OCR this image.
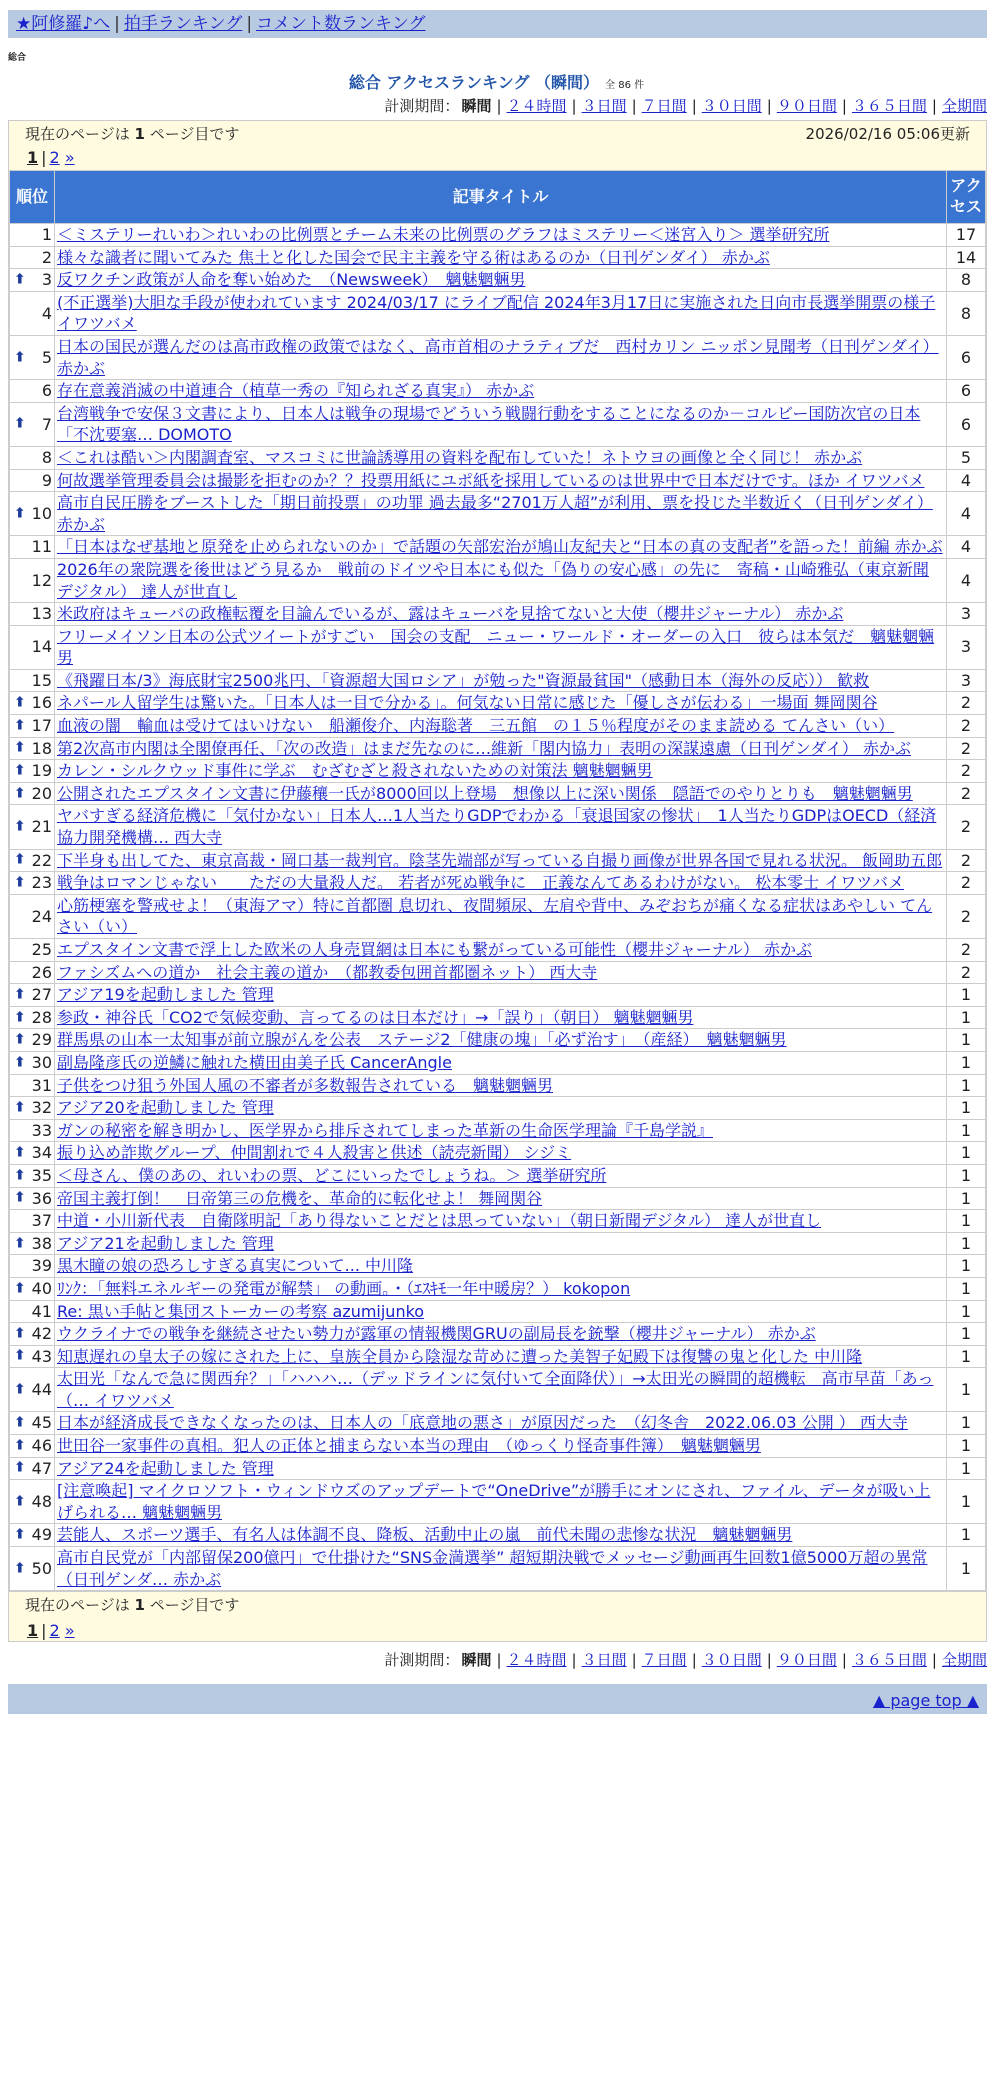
★阿修羅♪へ | 拍手ランキング | コメント数ランキング
総合
総合 アクセスランキング （瞬間） 全 86 件
計測期間： 瞬間 | ２４時間 | ３日間 | ７日間 | ３０日間 | ９０日間 | ３６５日間 | 全期間
現在のページは 1 ページ目です	2026/02/16 05:06更新
1 | 2 »
順位	記事タイトル	アクセス
1	＜ミステリーれいわ＞れいわの比例票とチーム未来の比例票のグラフはミステリー＜迷宮入り＞ 選挙研究所	17
2	様々な識者に聞いてみた 焦土と化した国会で民主主義を守る術はあるのか（日刊ゲンダイ） 赤かぶ	14

⬆ 3	反ワクチン政策が人命を奪い始めた　（Newsweek）　魑魅魍魎男	8
4	(不正選挙)大胆な手段が使われています 2024/03/17 にライブ配信 2024年3月17日に実施された日向市長選挙開票の様子 イワツバメ	8

⬆ 5	日本の国民が選んだのは高市政権の政策ではなく、高市首相のナラティブだ　西村カリン ニッポン見聞考（日刊ゲンダイ） 赤かぶ	6
6	存在意義消滅の中道連合（植草一秀の『知られざる真実』） 赤かぶ	6

⬆ 7	台湾戦争で安保３文書により、日本人は戦争の現場でどういう戦闘行動をすることになるのか－コルビー国防次官の日本「不沈要塞… DOMOTO	6
8	＜これは酷い＞内閣調査室、マスコミに世論誘導用の資料を配布していた！ネトウヨの画像と全く同じ！ 赤かぶ	5
9	何故選挙管理委員会は撮影を拒むのか？？投票用紙にユポ紙を採用しているのは世界中で日本だけです。ほか イワツバメ	4

⬆ 10	高市自民圧勝をブーストした「期日前投票」の功罪 過去最多“2701万人超”が利用、票を投じた半数近く（日刊ゲンダイ） 赤かぶ	4
11	「日本はなぜ基地と原発を止められないのか」で話題の矢部宏治が鳩山友紀夫と“日本の真の支配者”を語った！前編 赤かぶ	4
12	2026年の衆院選を後世はどう見るか　戦前のドイツや日本にも似た「偽りの安心感」の先に　寄稿・山崎雅弘（東京新聞デジタル） 達人が世直し	4
13	米政府はキューバの政権転覆を目論んでいるが、露はキューバを見捨てないと大使（櫻井ジャーナル） 赤かぶ	3
14	フリーメイソン日本の公式ツイートがすごい　国会の支配　ニュー・ワールド・オーダーの入口　彼らは本気だ　魑魅魍魎男	3
15	《飛躍日本/3》海底財宝2500兆円、「資源超大国ロシア」が勉った"資源最貧国"（感動日本（海外の反応）） 歓救	3

⬆ 16	ネパール人留学生は驚いた。「日本人は一目で分かる」。何気ない日常に感じた「優しさが伝わる」一場面 舞岡関谷	2

⬆ 17	血液の闇　輸血は受けてはいけない　船瀬俊介、内海聡著　三五館　の１５％程度がそのまま読める てんさい（い）	2

⬆ 18	第2次高市内閣は全閣僚再任、「次の改造」はまだ先なのに…維新「閣内協力」表明の深謀遠慮（日刊ゲンダイ） 赤かぶ	2

⬆ 19	カレン・シルクウッド事件に学ぶ　むざむざと殺されないための対策法 魑魅魍魎男	2

⬆ 20	公開されたエプスタイン文書に伊藤穰一氏が8000回以上登場　想像以上に深い関係　隠語でのやりとりも　魑魅魍魎男	2

⬆ 21	ヤバすぎる経済危機に「気付かない」日本人…1人当たりGDPでわかる「衰退国家の惨状」　1人当たりGDPはOECD（経済協力開発機構… 西大寺	2

⬆ 22	下半身も出してた、東京高裁・岡口基一裁判官。陰茎先端部が写っている自撮り画像が世界各国で見れる状況。 飯岡助五郎	2

⬆ 23	戦争はロマンじゃない　　ただの大量殺人だ。 若者が死ぬ戦争に　正義なんてあるわけがない。 松本零士 イワツバメ	2
24	心筋梗塞を警戒せよ！（東海アマ）特に首都圏 息切れ、夜間頻尿、左肩や背中、みぞおちが痛くなる症状はあやしい てんさい（い）	2
25	エプスタイン文書で浮上した欧米の人身売買網は日本にも繋がっている可能性（櫻井ジャーナル） 赤かぶ	2
26	ファシズムへの道か　社会主義の道か　（都教委包囲首都圏ネット） 西大寺	2

⬆ 27	アジア19を起動しました 管理	1

⬆ 28	参政・神谷氏「CO2で気候変動、言ってるのは日本だけ」→「誤り」（朝日） 魑魅魍魎男	1

⬆ 29	群馬県の山本一太知事が前立腺がんを公表　ステージ2「健康の塊」「必ず治す」　（産経）　魑魅魍魎男	1

⬆ 30	副島隆彦氏の逆鱗に触れた横田由美子氏 CancerAngle	1
31	子供をつけ狙う外国人風の不審者が多数報告されている　魑魅魍魎男	1

⬆ 32	アジア20を起動しました 管理	1
33	ガンの秘密を解き明かし、医学界から排斥されてしまった革新の生命医学理論『千島学説』	1

⬆ 34	振り込め詐欺グループ、仲間割れで４人殺害と供述（読売新聞） シジミ	1

⬆ 35	＜母さん、僕のあの、れいわの票、どこにいったでしょうね。＞ 選挙研究所	1

⬆ 36	帝国主義打倒！　日帝第三の危機を、革命的に転化せよ！ 舞岡関谷	1
37	中道・小川新代表　自衛隊明記「あり得ないことだとは思っていない」（朝日新聞デジタル） 達人が世直し	1

⬆ 38	アジア21を起動しました 管理	1
39	黒木瞳の娘の恐ろしすぎる真実について... 中川隆	1

⬆ 40	ﾘﾝｸ：「無料エネルギーの発電が解禁」 の動画。・（ｴｽｷﾓ一年中暖房？） kokopon	1
41	Re: 黒い手帖と集団ストーカーの考察 azumijunko	1

⬆ 42	ウクライナでの戦争を継続させたい勢力が露軍の情報機関GRUの副局長を銃撃（櫻井ジャーナル） 赤かぶ	1

⬆ 43	知恵遅れの皇太子の嫁にされた上に、皇族全員から陰湿な苛めに遭った美智子妃殿下は復讐の鬼と化した 中川隆	1

⬆ 44	太田光「なんで急に関西弁？」「ハハハ…（デッドラインに気付いて全面降伏）」→太田光の瞬間的超機転　高市早苗「あっ（… イワツバメ	1

⬆ 45	日本が経済成長できなくなったのは、日本人の「底意地の悪さ」が原因だった　（幻冬舎　2022.06.03 公開 ） 西大寺	1

⬆ 46	世田谷一家事件の真相。犯人の正体と捕まらない本当の理由　（ゆっくり怪奇事件簿）　魑魅魍魎男	1

⬆ 47	アジア24を起動しました 管理	1

⬆ 48	[注意喚起] マイクロソフト・ウィンドウズのアップデートで“OneDrive”が勝手にオンにされ、ファイル、データが吸い上げられる… 魑魅魍魎男	1

⬆ 49	芸能人、スポーツ選手、有名人は体調不良、降板、活動中止の嵐　前代未聞の悲惨な状況　魑魅魍魎男	1

⬆ 50	高市自民党が「内部留保200億円」で仕掛けた“SNS金満選挙” 超短期決戦でメッセージ動画再生回数1億5000万超の異常（日刊ゲンダ… 赤かぶ	1
現在のページは 1 ページ目です
1 | 2 »
計測期間： 瞬間 | ２４時間 | ３日間 | ７日間 | ３０日間 | ９０日間 | ３６５日間 | 全期間
▲ page top ▲
